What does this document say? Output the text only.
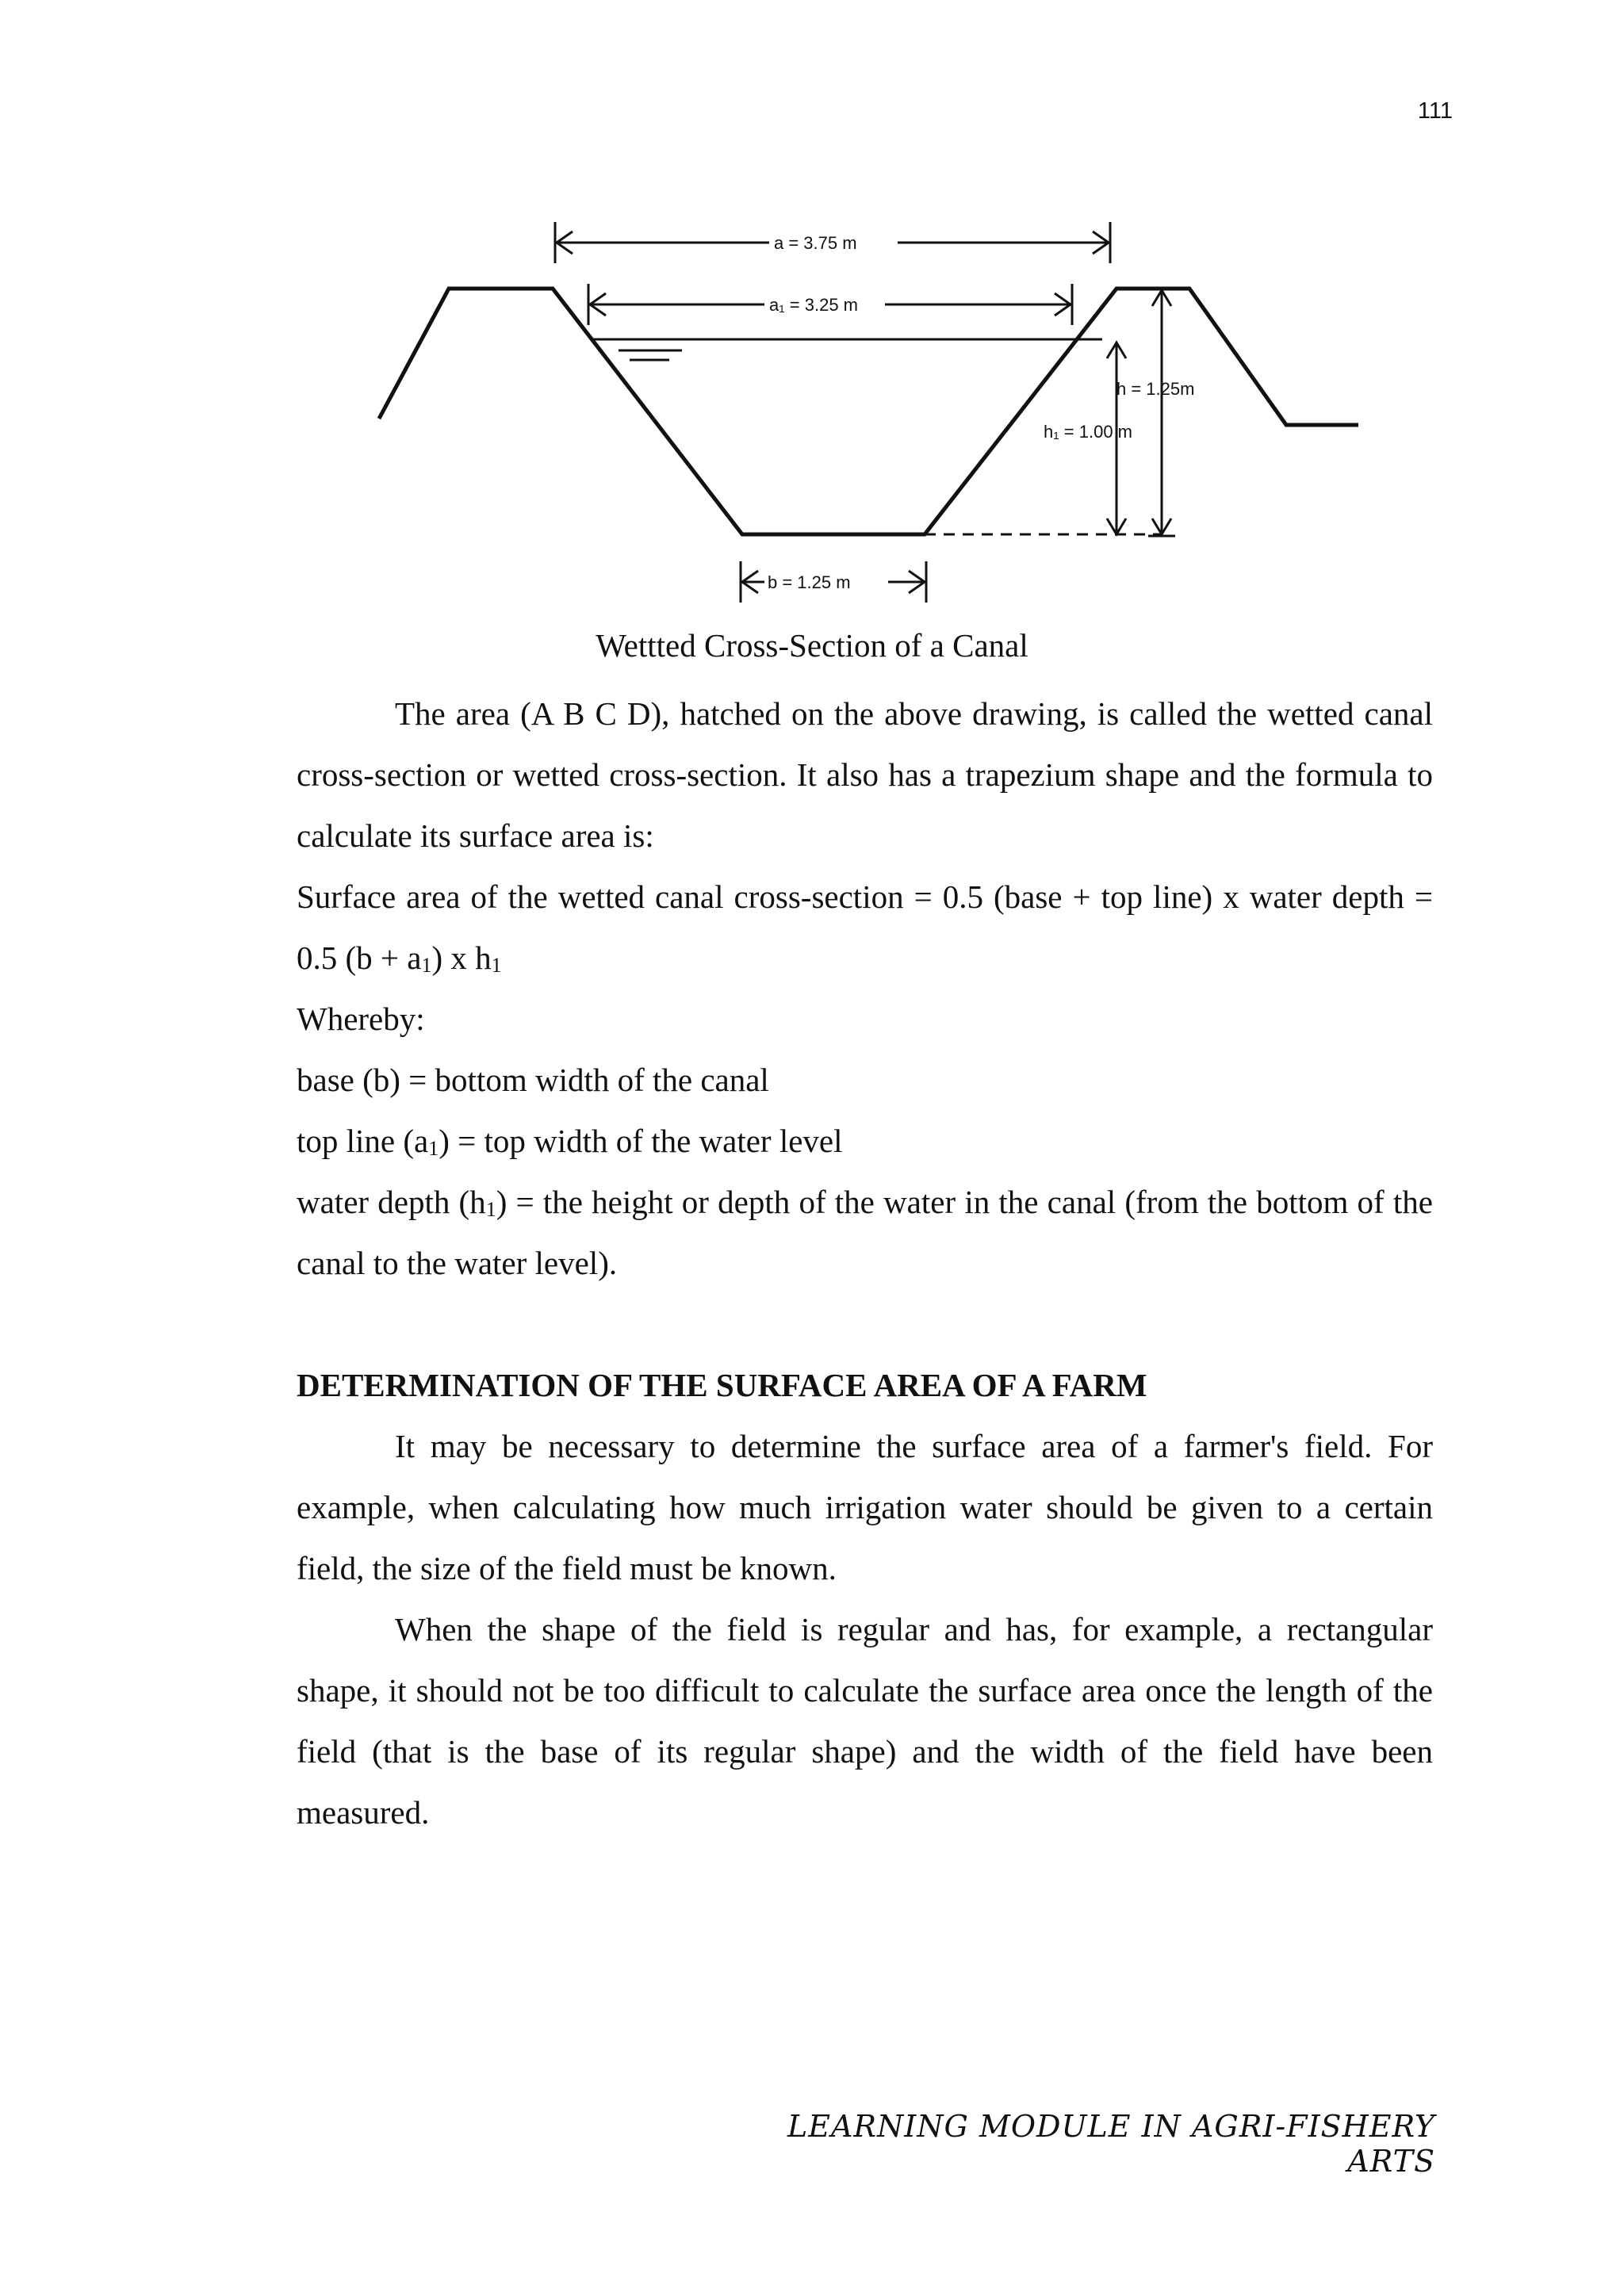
111
a = 3.75 m
a₁ = 3.25 m
h = 1.25m
h₁ = 1.00 m
b = 1.25 m
Wettted Cross-Section of a Canal

The area (A B C D), hatched on the above drawing, is called the wetted canal cross-section or wetted cross-section. It also has a trapezium shape and the formula to calculate its surface area is:

Surface area of the wetted canal cross-section = 0.5 (base + top line) x water depth = 0.5 $(b + a_1)$ x $h_1$

Whereby:

base (b) = bottom width of the canal

top line $(a_1)$ = top width of the water level

water depth $(h_1)$ = the height or depth of the water in the canal (from the bottom of the canal to the water level).

DETERMINATION OF THE SURFACE AREA OF A FARM

It may be necessary to determine the surface area of a farmer's field. For example, when calculating how much irrigation water should be given to a certain field, the size of the field must be known.

When the shape of the field is regular and has, for example, a rectangular shape, it should not be too difficult to calculate the surface area once the length of the field (that is the base of its regular shape) and the width of the field have been measured.

LEARNING MODULE IN AGRI-FISHERY ARTS
